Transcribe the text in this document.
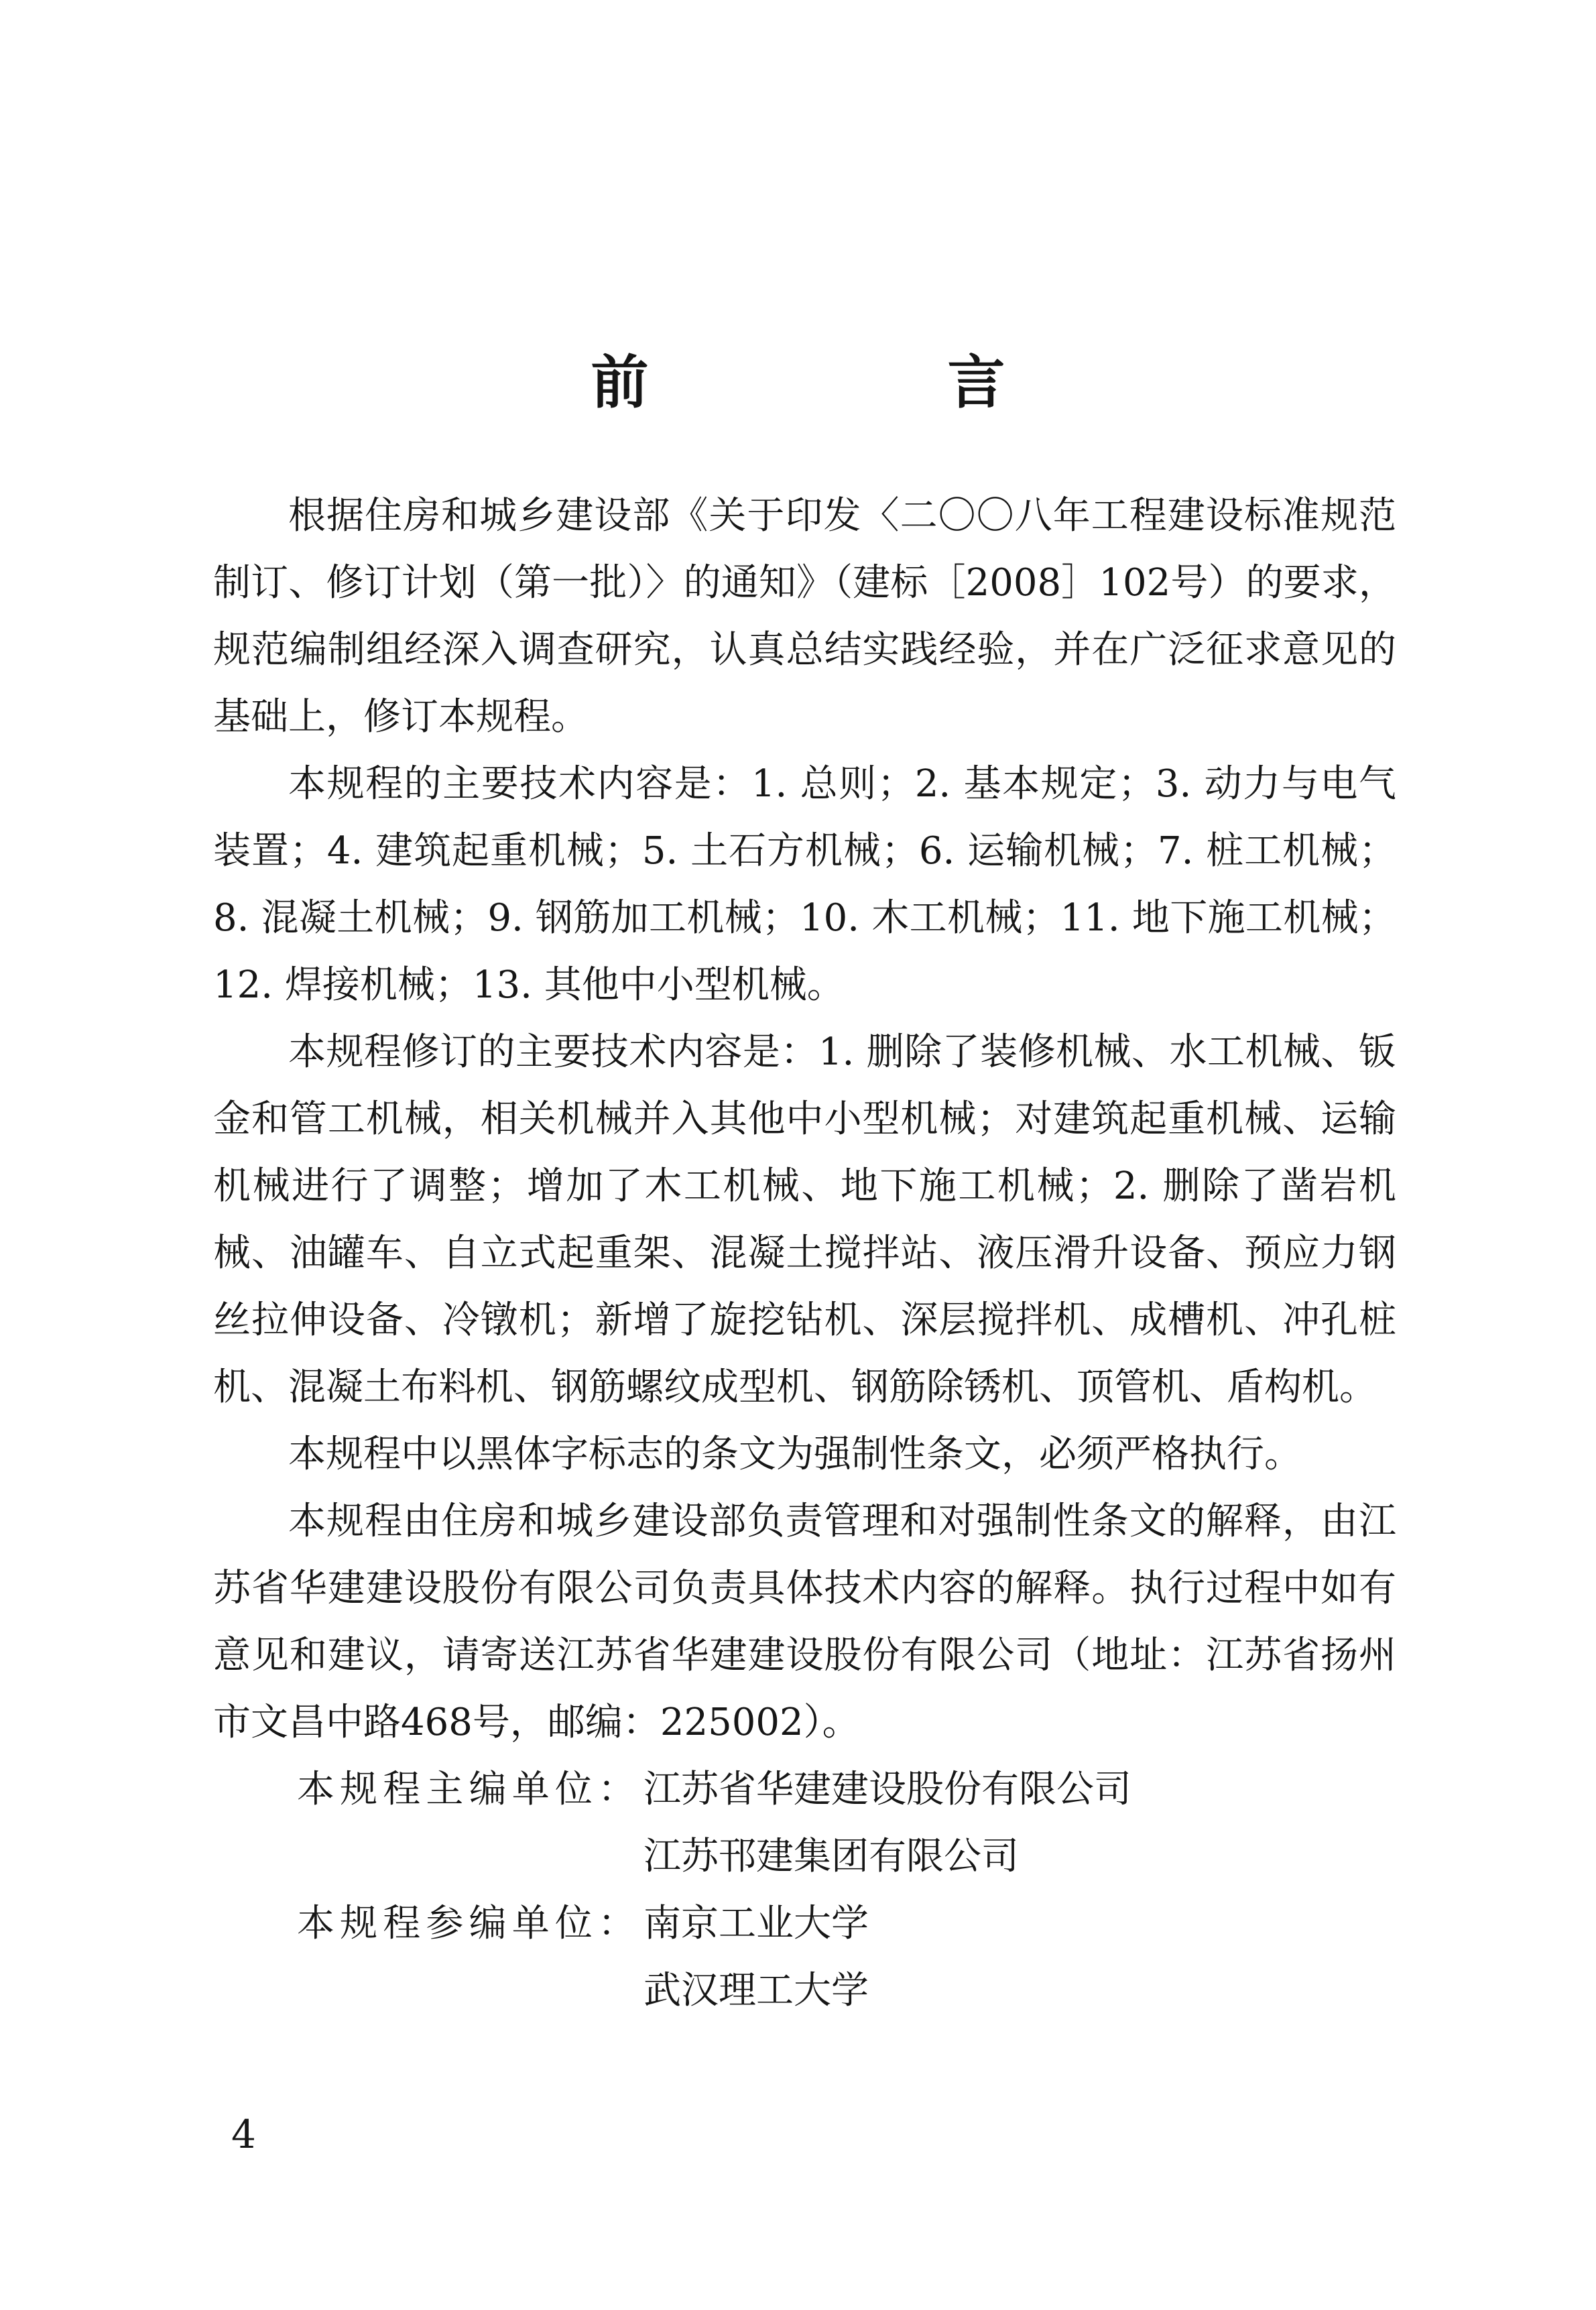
前　言

根据住房和城乡建设部《关于印发〈二〇〇八年工程建设标准规范制订、修订计划（第一批）〉的通知》（建标［2008］102号）的要求，规范编制组经深入调查研究，认真总结实践经验，并在广泛征求意见的基础上，修订本规程。

本规程的主要技术内容是：1. 总则；2. 基本规定；3. 动力与电气装置；4. 建筑起重机械；5. 土石方机械；6. 运输机械；7. 桩工机械；8. 混凝土机械；9. 钢筋加工机械；10. 木工机械；11. 地下施工机械；12. 焊接机械；13. 其他中小型机械。

本规程修订的主要技术内容是：1. 删除了装修机械、水工机械、钣金和管工机械，相关机械并入其他中小型机械；对建筑起重机械、运输机械进行了调整；增加了木工机械、地下施工机械；2. 删除了凿岩机械、油罐车、自立式起重架、混凝土搅拌站、液压滑升设备、预应力钢丝拉伸设备、冷镦机；新增了旋挖钻机、深层搅拌机、成槽机、冲孔桩机、混凝土布料机、钢筋螺纹成型机、钢筋除锈机、顶管机、盾构机。

本规程中以黑体字标志的条文为强制性条文，必须严格执行。

本规程由住房和城乡建设部负责管理和对强制性条文的解释，由江苏省华建建设股份有限公司负责具体技术内容的解释。执行过程中如有意见和建议，请寄送江苏省华建建设股份有限公司（地址：江苏省扬州市文昌中路468号，邮编：225002）。

本规程主编单位： 江苏省华建建设股份有限公司
江苏邗建集团有限公司
本规程参编单位： 南京工业大学
武汉理工大学
4
